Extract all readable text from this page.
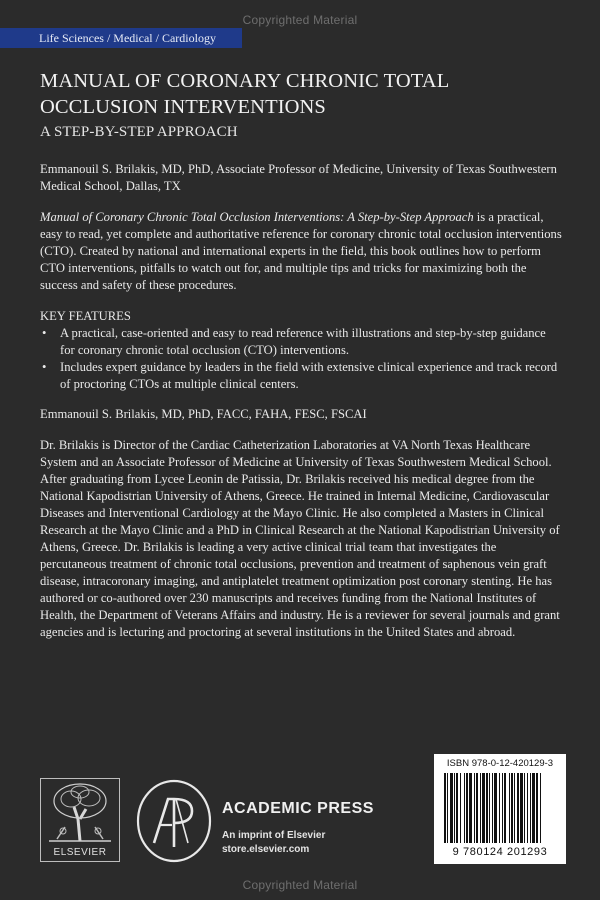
Copyrighted Material
Life Sciences / Medical / Cardiology
MANUAL OF CORONARY CHRONIC TOTAL OCCLUSION INTERVENTIONS
A STEP-BY-STEP APPROACH
Emmanouil S. Brilakis, MD, PhD, Associate Professor of Medicine, University of Texas Southwestern Medical School, Dallas, TX
Manual of Coronary Chronic Total Occlusion Interventions: A Step-by-Step Approach is a practical, easy to read, yet complete and authoritative reference for coronary chronic total occlusion interventions (CTO). Created by national and international experts in the field, this book outlines how to perform CTO interventions, pitfalls to watch out for, and multiple tips and tricks for maximizing both the success and safety of these procedures.
KEY FEATURES
• A practical, case-oriented and easy to read reference with illustrations and step-by-step guidance for coronary chronic total occlusion (CTO) interventions.
• Includes expert guidance by leaders in the field with extensive clinical experience and track record of proctoring CTOs at multiple clinical centers.
Emmanouil S. Brilakis, MD, PhD, FACC, FAHA, FESC, FSCAI
Dr. Brilakis is Director of the Cardiac Catheterization Laboratories at VA North Texas Healthcare System and an Associate Professor of Medicine at University of Texas Southwestern Medical School. After graduating from Lycee Leonin de Patissia, Dr. Brilakis received his medical degree from the National Kapodistrian University of Athens, Greece. He trained in Internal Medicine, Cardiovascular Diseases and Interventional Cardiology at the Mayo Clinic. He also completed a Masters in Clinical Research at the Mayo Clinic and a PhD in Clinical Research at the National Kapodistrian University of Athens, Greece. Dr. Brilakis is leading a very active clinical trial team that investigates the percutaneous treatment of chronic total occlusions, prevention and treatment of saphenous vein graft disease, intracoronary imaging, and antiplatelet treatment optimization post coronary stenting. He has authored or co-authored over 230 manuscripts and receives funding from the National Institutes of Health, the Department of Veterans Affairs and industry. He is a reviewer for several journals and grant agencies and is lecturing and proctoring at several institutions in the United States and abroad.
ELSEVIER
ACADEMIC PRESS
An imprint of Elsevier
store.elsevier.com
ISBN 978-0-12-420129-3
9 780124 201293
Copyrighted Material
